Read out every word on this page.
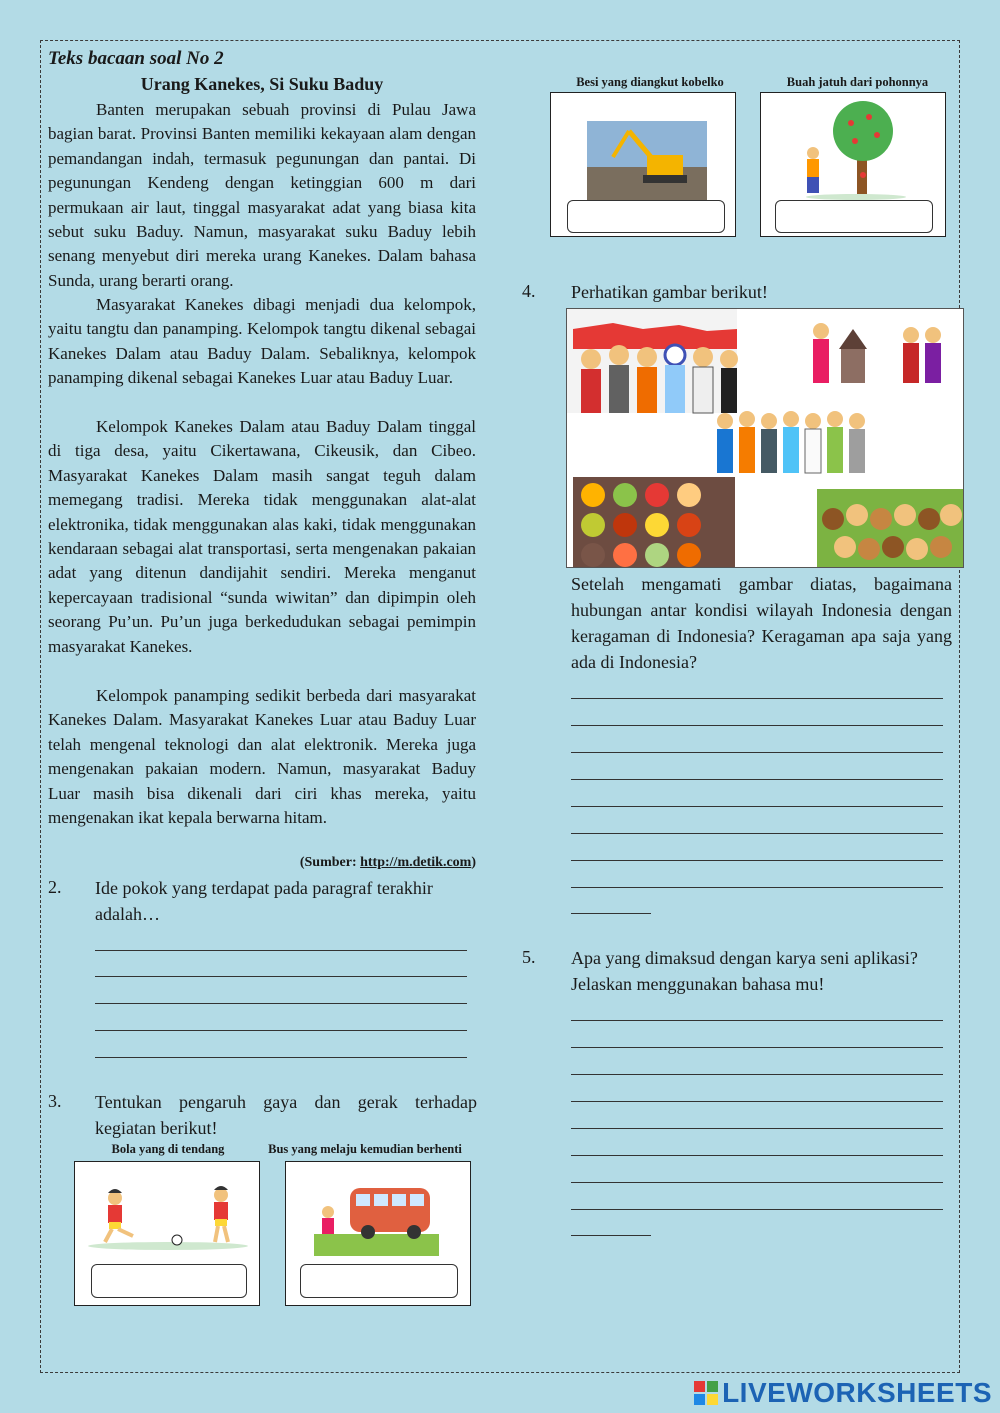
Teks bacaan soal No 2
Urang Kanekes, Si Suku Baduy

Banten merupakan sebuah provinsi di Pulau Jawa bagian barat. Provinsi Banten memiliki kekayaan alam dengan pemandangan indah, termasuk pegunungan dan pantai. Di pegunungan Kendeng dengan ketinggian 600 m dari permukaan air laut, tinggal masyarakat adat yang biasa kita sebut suku Baduy. Namun, masyarakat suku Baduy lebih senang menyebut diri mereka urang Kanekes. Dalam bahasa Sunda, urang berarti orang.

Masyarakat Kanekes dibagi menjadi dua kelompok, yaitu tangtu dan panamping. Kelompok tangtu dikenal sebagai Kanekes Dalam atau Baduy Dalam. Sebaliknya, kelompok panamping dikenal sebagai Kanekes Luar atau Baduy Luar.

Kelompok Kanekes Dalam atau Baduy Dalam tinggal di tiga desa, yaitu Cikertawana, Cikeusik, dan Cibeo. Masyarakat Kanekes Dalam masih sangat teguh dalam memegang tradisi. Mereka tidak menggunakan alat-alat elektronika, tidak menggunakan alas kaki, tidak menggunakan kendaraan sebagai alat transportasi, serta mengenakan pakaian adat yang ditenun dandijahit sendiri. Mereka menganut kepercayaan tradisional “sunda wiwitan” dan dipimpin oleh seorang Pu’un. Pu’un juga berkedudukan sebagai pemimpin masyarakat Kanekes.

Kelompok panamping sedikit berbeda dari masyarakat Kanekes Dalam. Masyarakat Kanekes Luar atau Baduy Luar telah mengenal teknologi dan alat elektronik. Mereka juga mengenakan pakaian modern. Namun, masyarakat Baduy Luar masih bisa dikenali dari ciri khas mereka, yaitu mengenakan ikat kepala berwarna hitam.

(Sumber: http://m.detik.com)
2. Ide pokok yang terdapat pada paragraf terakhir adalah…
3. Tentukan pengaruh gaya dan gerak terhadap kegiatan berikut!
Bola yang di tendang	Bus yang melaju kemudian berhenti
Besi yang diangkut kobelko	Buah jatuh dari pohonnya
4. Perhatikan gambar berikut!
Setelah mengamati gambar diatas, bagaimana hubungan antar kondisi wilayah Indonesia dengan keragaman di Indonesia? Keragaman apa saja yang ada di Indonesia?
5. Apa yang dimaksud dengan karya seni aplikasi? Jelaskan menggunakan bahasa mu!
LIVEWORKSHEETS
